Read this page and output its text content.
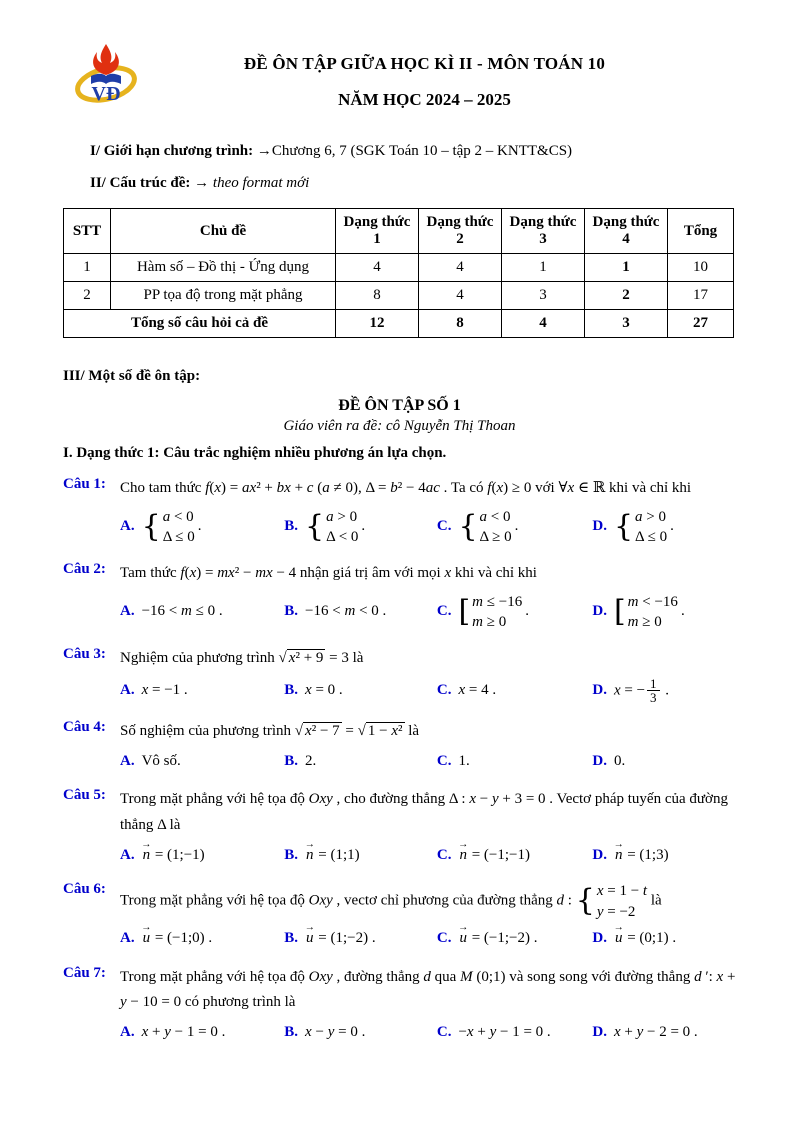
VĐ
ĐỀ ÔN TẬP GIỮA HỌC KÌ II - MÔN TOÁN 10
NĂM HỌC 2024 – 2025
I/ Giới hạn chương trình: →Chương 6, 7 (SGK Toán 10 – tập 2 – KNTT&CS)
II/ Cấu trúc đề: → theo format mới
STT	Chủ đề	Dạng thức 1	Dạng thức 2	Dạng thức 3	Dạng thức 4	Tổng
1	Hàm số – Đồ thị - Ứng dụng	4	4	1	1	10
2	PP tọa độ trong mặt phẳng	8	4	3	2	17
Tổng số câu hỏi cả đề		12	8	4	3	27
III/ Một số đề ôn tập:
ĐỀ ÔN TẬP SỐ 1
Giáo viên ra đề: cô Nguyễn Thị Thoan
I. Dạng thức 1: Câu trắc nghiệm nhiều phương án lựa chọn.
Câu 1: Cho tam thức f(x) = ax² + bx + c (a ≠ 0), Δ = b² − 4ac . Ta có f(x) ≥ 0 với ∀x ∈ ℝ khi và chỉ khi
A. { a < 0
Δ ≤ 0
.	B. { a > 0
Δ < 0
.	C. { a < 0
Δ ≥ 0
.	D. { a > 0
Δ ≤ 0
.
Câu 2: Tam thức f(x) = mx² − mx − 4 nhận giá trị âm với mọi x khi và chỉ khi
A. −16 < m ≤ 0 .	B. −16 < m < 0 .	C. [ m ≤ −16
m ≥ 0
.	D. [ m < −16
m ≥ 0
.
Câu 3: Nghiệm của phương trình √ x² + 9 = 3 là
A. x = −1 .	B. x = 0 .	C. x = 4 .	D. x = − $\frac{1}{3}$ .
Câu 4: Số nghiệm của phương trình √ x² − 7 = √ 1 − x² là
A. Vô số.	B. 2.	C. 1.	D. 0.
Câu 5: Trong mặt phẳng với hệ tọa độ Oxy , cho đường thẳng Δ : x − y + 3 = 0 . Vectơ pháp tuyến của đường thẳng Δ là
A. n → = (1;−1)	B. n → = (1;1)	C. n → = (−1;−1)	D. n → = (1;3)
Câu 6:
Trong mặt phẳng với hệ tọa độ Oxy , vectơ chỉ phương của đường thẳng d : { x = 1 − t
y = −2
là
A. u → = (−1;0) .	B. u → = (1;−2) .	C. u → = (−1;−2) .	D. u → = (0;1) .
Câu 7: Trong mặt phẳng với hệ tọa độ Oxy , đường thẳng d qua M (0;1) và song song với đường thẳng d ′: x + y − 10 = 0 có phương trình là
A. x + y − 1 = 0 .	B. x − y = 0 .	C. −x + y − 1 = 0 .	D. x + y − 2 = 0 .
